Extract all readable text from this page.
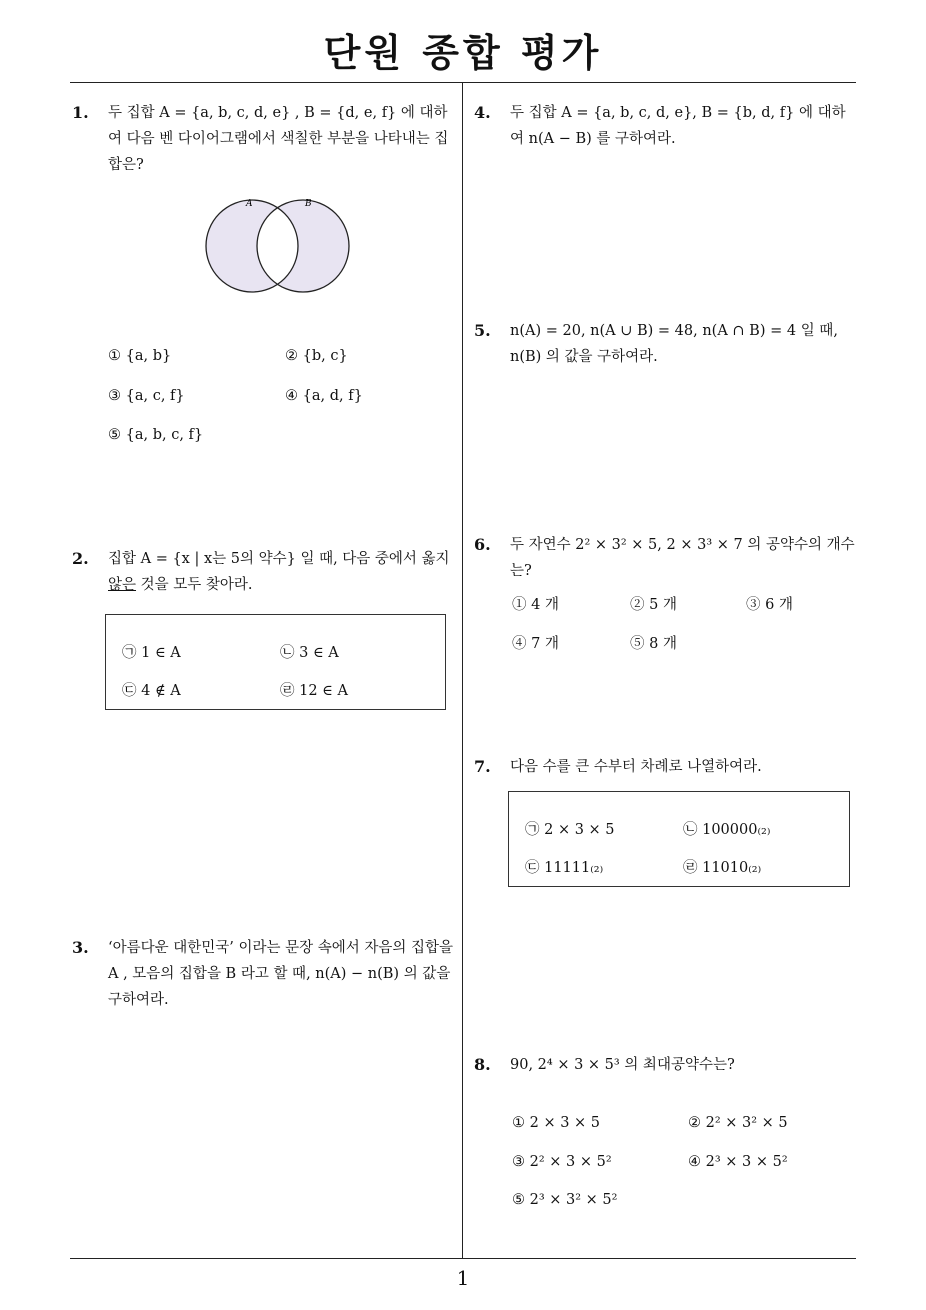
단원 종합 평가
1
1. 두 집합 A = {a, b, c, d, e} , B = {d, e, f} 에 대하여 다음 벤 다이어그램에서 색칠한 부분을 나타내는 집합은?
A	B
① {a, b}	② {b, c}
③ {a, c, f}	④ {a, d, f}
⑤ {a, b, c, f}
2. 집합 A = {x | x는 5의 약수} 일 때, 다음 중에서 옳지 않은 것을 모두 찾아라.
㉠ 1 ∈ A	㉡ 3 ∈ A
㉢ 4 ∉ A	㉣ 12 ∈ A
3. ‘아름다운 대한민국’ 이라는 문장 속에서 자음의 집합을 A , 모음의 집합을 B 라고 할 때, n(A) − n(B) 의 값을 구하여라.
4. 두 집합 A = {a, b, c, d, e}, B = {b, d, f} 에 대하여 n(A − B) 를 구하여라.
5. n(A) = 20, n(A ∪ B) = 48, n(A ∩ B) = 4 일 때, n(B) 의 값을 구하여라.
6. 두 자연수 2² × 3² × 5, 2 × 3³ × 7 의 공약수의 개수는?
① 4 개	② 5 개	③ 6 개
④ 7 개	⑤ 8 개
7. 다음 수를 큰 수부터 차례로 나열하여라.
㉠ 2 × 3 × 5	㉡ 100000₍₂₎
㉢ 11111₍₂₎	㉣ 11010₍₂₎
8. 90, 2⁴ × 3 × 5³ 의 최대공약수는?
① 2 × 3 × 5	② 2² × 3² × 5
③ 2² × 3 × 5²	④ 2³ × 3 × 5²
⑤ 2³ × 3² × 5²
